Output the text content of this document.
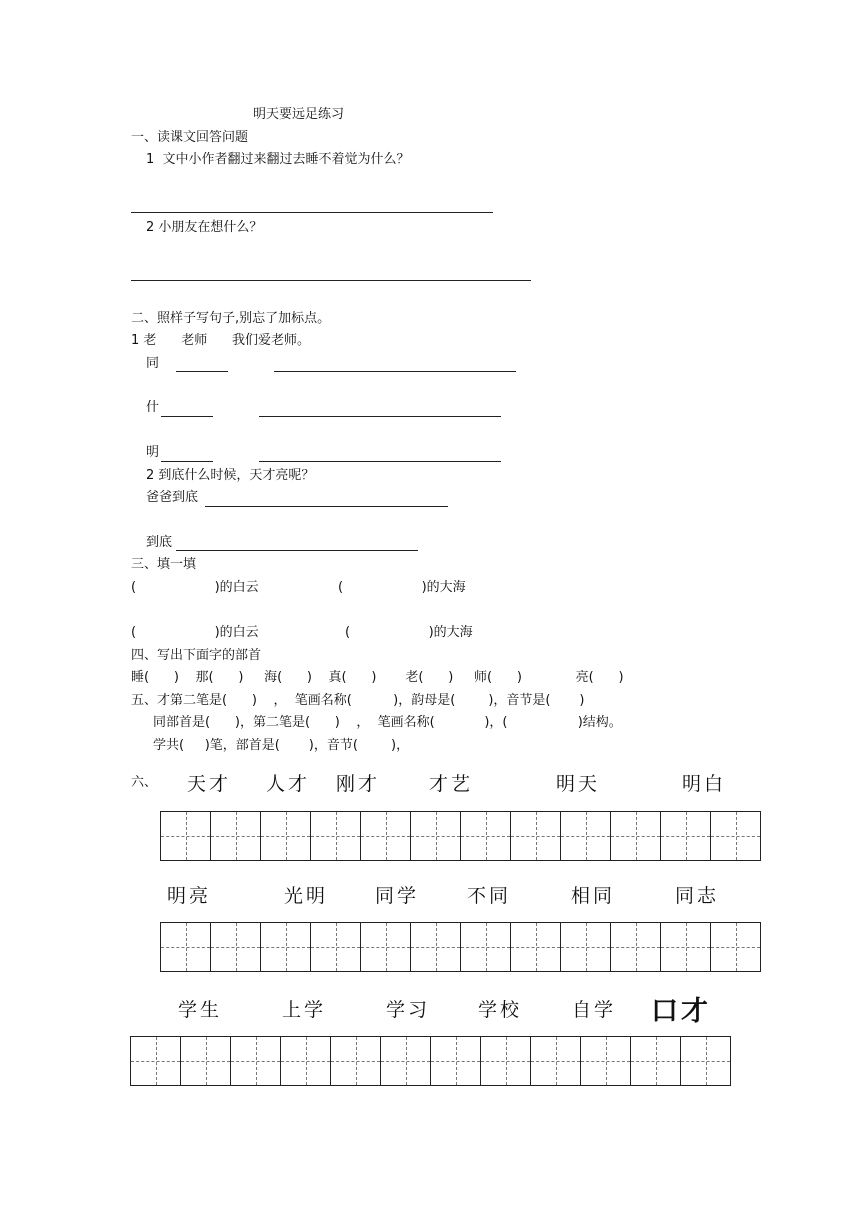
明天要远足练习
一、读课文回答问题
1  文中小作者翻过来翻过去睡不着觉为什么？
2 小朋友在想什么？
二、照样子写句子,别忘了加标点。
1 老      老师      我们爱老师。
同
什
明
2 到底什么时候，天才亮呢？
爸爸到底
到底
三、填一填
(                   )的白云	(                   )的大海
(                   )的白云	(                   )的大海
四、写出下面字的部首
睡(      )    那(      )     海(      )    真(      )       老(      )     师(      )             亮(      )
五、才第二笔是(      )    ，  笔画名称(          )，韵母是(        )，音节是(       )
同部首是(      )，第二笔是(      )    ，  笔画名称(            )，(                 )结构。
学共(     )笔，部首是(       )，音节(        )，
六、 天才 人才 刚才	才艺	明天	明白
明亮	光明 同学	不同	相同	同志
学生	上学	学习	学校	自学 口才
